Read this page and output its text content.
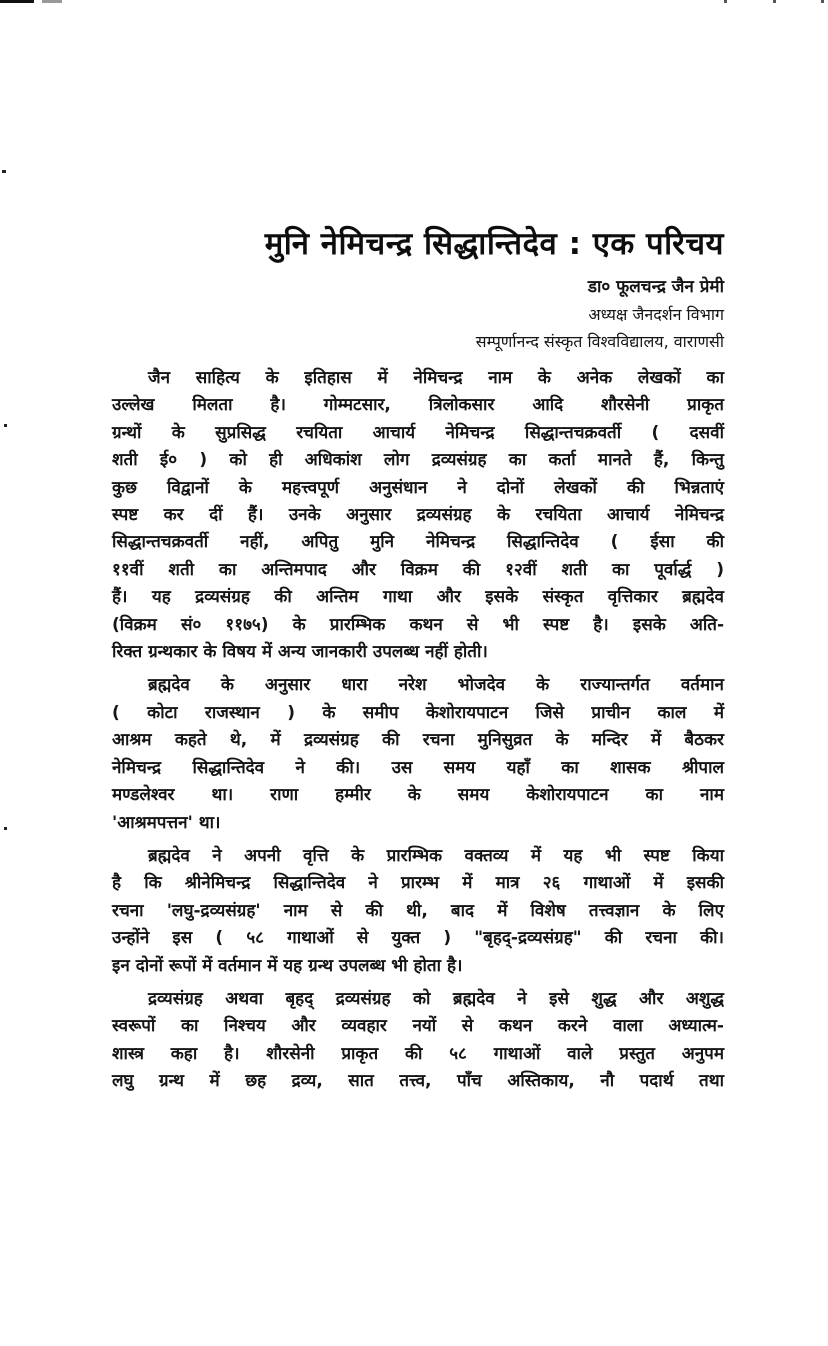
मुनि नेमिचन्द्र सिद्धान्तिदेव : एक परिचय
डा० फूलचन्द्र जैन प्रेमी
अध्यक्ष जैनदर्शन विभाग
सम्पूर्णानन्द संस्कृत विश्वविद्यालय, वाराणसी

जैन साहित्य के इतिहास में नेमिचन्द्र नाम के अनेक लेखकों का
उल्लेख मिलता है। गोम्मटसार, त्रिलोकसार आदि शौरसेनी प्राकृत
ग्रन्थों के सुप्रसिद्ध रचयिता आचार्य नेमिचन्द्र सिद्धान्तचक्रवर्ती ( दसवीं
शती ई० ) को ही अधिकांश लोग द्रव्यसंग्रह का कर्ता मानते हैं, किन्तु
कुछ विद्वानों के महत्त्वपूर्ण अनुसंधान ने दोनों लेखकों की भिन्नताएं
स्पष्ट कर दीं हैं। उनके अनुसार द्रव्यसंग्रह के रचयिता आचार्य नेमिचन्द्र
सिद्धान्तचक्रवर्ती नहीं, अपितु मुनि नेमिचन्द्र सिद्धान्तिदेव ( ईसा की
११वीं शती का अन्तिमपाद और विक्रम की १२वीं शती का पूर्वार्द्ध )
हैं। यह द्रव्यसंग्रह की अन्तिम गाथा और इसके संस्कृत वृत्तिकार ब्रह्मदेव
(विक्रम सं० ११७५) के प्रारम्भिक कथन से भी स्पष्ट है। इसके अति-
रिक्त ग्रन्थकार के विषय में अन्य जानकारी उपलब्ध नहीं होती।

ब्रह्मदेव के अनुसार धारा नरेश भोजदेव के राज्यान्तर्गत वर्तमान
( कोटा राजस्थान ) के समीप केशोरायपाटन जिसे प्राचीन काल में
आश्रम कहते थे, में द्रव्यसंग्रह की रचना मुनिसुव्रत के मन्दिर में बैठकर
नेमिचन्द्र सिद्धान्तिदेव ने की। उस समय यहाँ का शासक श्रीपाल
मण्डलेश्वर था। राणा हम्मीर के समय केशोरायपाटन का नाम
'आश्रमपत्तन' था।

ब्रह्मदेव ने अपनी वृत्ति के प्रारम्भिक वक्तव्य में यह भी स्पष्ट किया
है कि श्रीनेमिचन्द्र सिद्धान्तिदेव ने प्रारम्भ में मात्र २६ गाथाओं में इसकी
रचना 'लघु-द्रव्यसंग्रह' नाम से की थी, बाद में विशेष तत्त्वज्ञान के लिए
उन्होंने इस ( ५८ गाथाओं से युक्त ) "बृहद्-द्रव्यसंग्रह" की रचना की।
इन दोनों रूपों में वर्तमान में यह ग्रन्थ उपलब्ध भी होता है।

द्रव्यसंग्रह अथवा बृहद् द्रव्यसंग्रह को ब्रह्मदेव ने इसे शुद्ध और अशुद्ध
स्वरूपों का निश्चय और व्यवहार नयों से कथन करने वाला अध्यात्म-
शास्त्र कहा है। शौरसेनी प्राकृत की ५८ गाथाओं वाले प्रस्तुत अनुपम
लघु ग्रन्थ में छह द्रव्य, सात तत्त्व, पाँच अस्तिकाय, नौ पदार्थ तथा
